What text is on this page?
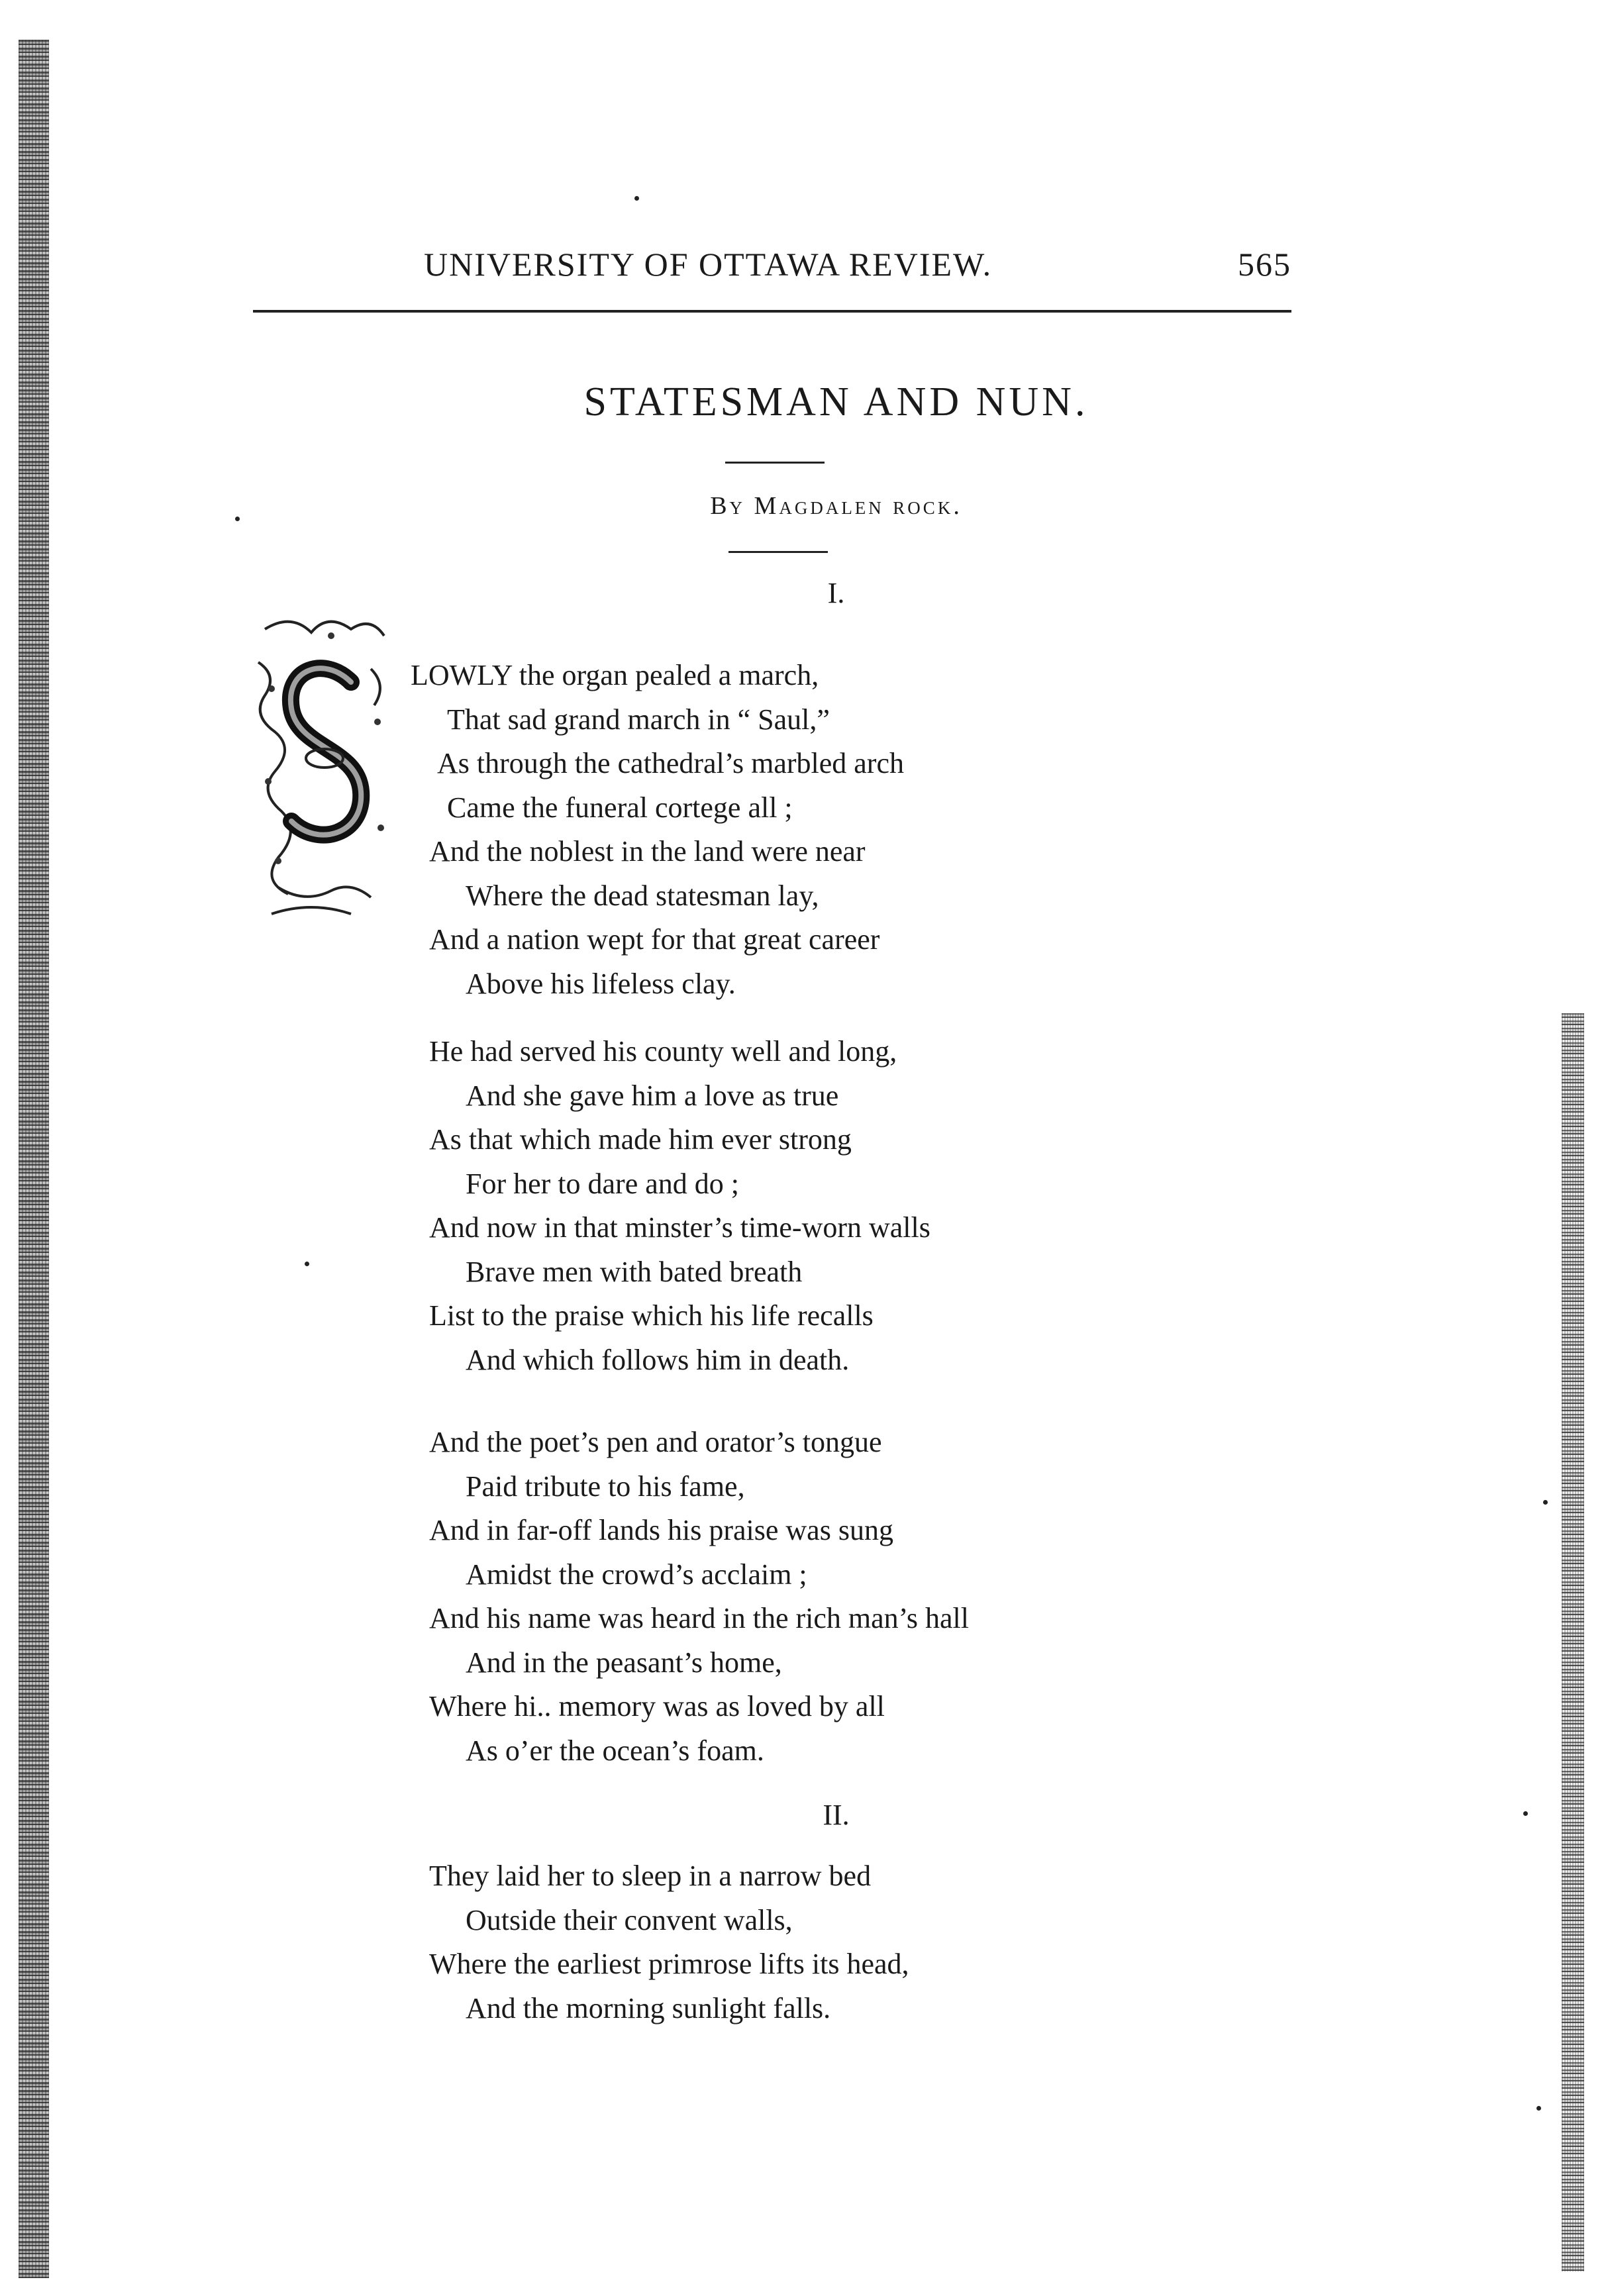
UNIVERSITY OF OTTAWA REVIEW.	565
STATESMAN AND NUN.
By Magdalen rock.
I.
LOWLY the organ pealed a march,
That sad grand march in “ Saul,”
As through the cathedral’s marbled arch
Came the funeral cortege all ;
And the noblest in the land were near
Where the dead statesman lay,
And a nation wept for that great career
Above his lifeless clay.
He had served his county well and long,
And she gave him a love as true
As that which made him ever strong
For her to dare and do ;
And now in that minster’s time-worn walls
Brave men with bated breath
List to the praise which his life recalls
And which follows him in death.
And the poet’s pen and orator’s tongue
Paid tribute to his fame,
And in far-off lands his praise was sung
Amidst the crowd’s acclaim ;
And his name was heard in the rich man’s hall
And in the peasant’s home,
Where hi.. memory was as loved by all
As o’er the ocean’s foam.
II.
They laid her to sleep in a narrow bed
Outside their convent walls,
Where the earliest primrose lifts its head,
And the morning sunlight falls.
